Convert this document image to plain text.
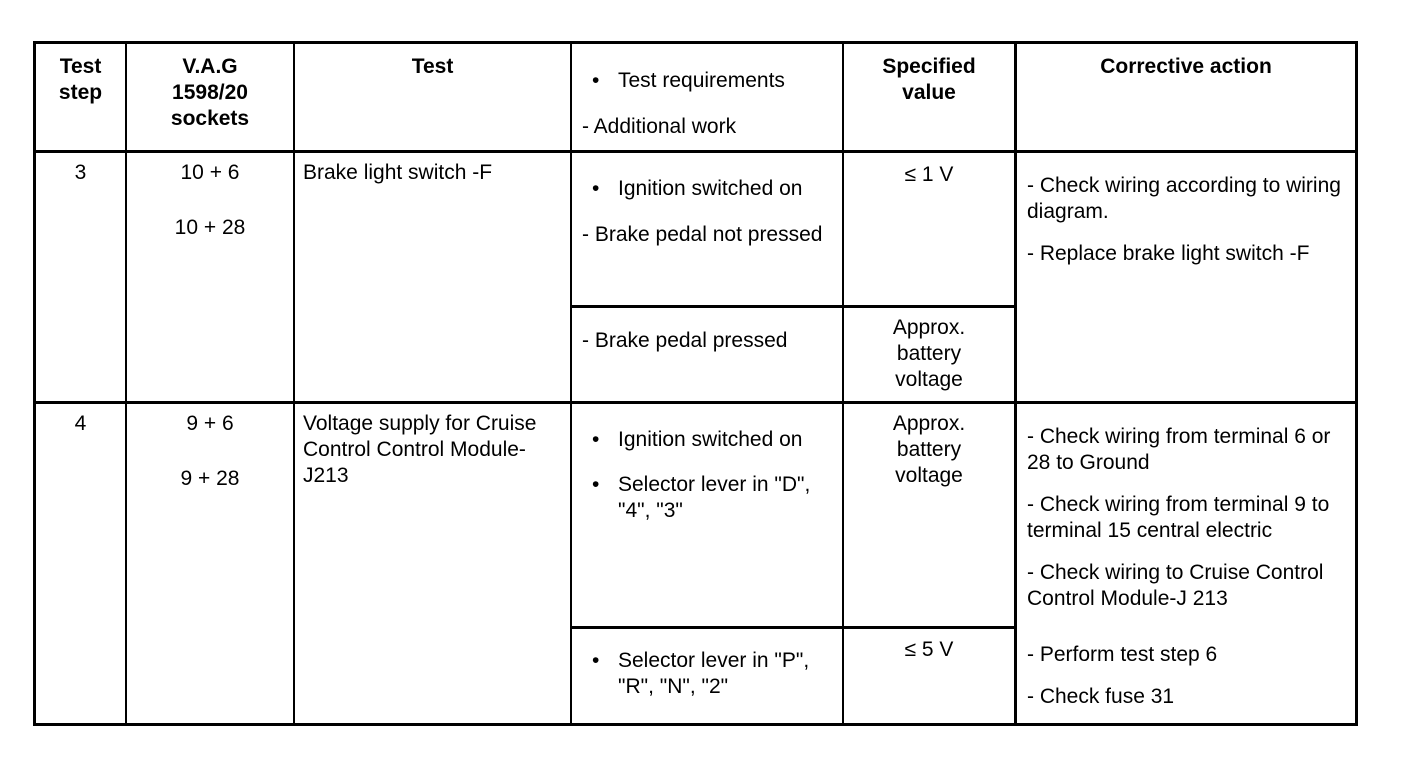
Test

step

V.A.G

1598/20

sockets

Test

• Test requirements

- Additional work

Specified

value

Corrective action

3	10 + 6

10 + 28

Brake light switch -F

• Ignition switched on

- Brake pedal not pressed

≤ 1 V

- Brake pedal pressed

Approx. battery voltage

- Check wiring according to wiring diagram.

- Replace brake light switch -F

4	9 + 6

9 + 28

Voltage supply for Cruise Control Control Module-J213

• Ignition switched on

• Selector lever in "D", "4", "3"

Approx. battery voltage

• Selector lever in "P", "R", "N", "2"

≤ 5 V

- Check wiring from terminal 6 or 28 to Ground

- Check wiring from terminal 9 to terminal 15 central electric

- Check wiring to Cruise Control Control Module-J 213

- Perform test step 6

- Check fuse 31
